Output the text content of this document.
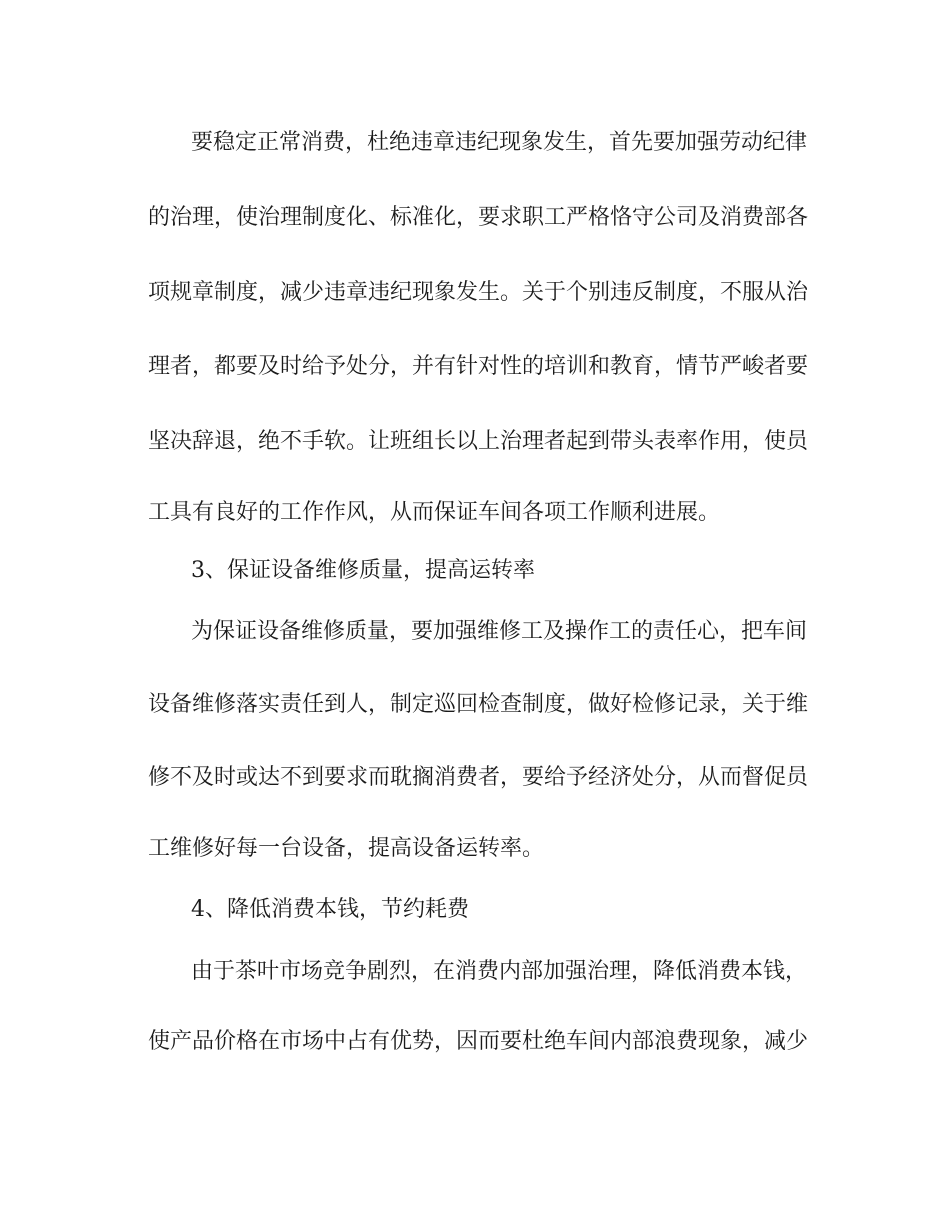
要稳定正常消费，杜绝违章违纪现象发生，首先要加强劳动纪律
的治理，使治理制度化、标准化，要求职工严格恪守公司及消费部各
项规章制度，减少违章违纪现象发生。关于个别违反制度，不服从治
理者，都要及时给予处分，并有针对性的培训和教育，情节严峻者要
坚决辞退，绝不手软。让班组长以上治理者起到带头表率作用，使员
工具有良好的工作作风，从而保证车间各项工作顺利进展。
3、保证设备维修质量，提高运转率
为保证设备维修质量，要加强维修工及操作工的责任心，把车间
设备维修落实责任到人，制定巡回检查制度，做好检修记录，关于维
修不及时或达不到要求而耽搁消费者，要给予经济处分，从而督促员
工维修好每一台设备，提高设备运转率。
4、降低消费本钱，节约耗费
由于茶叶市场竞争剧烈，在消费内部加强治理，降低消费本钱，
使产品价格在市场中占有优势，因而要杜绝车间内部浪费现象，减少
